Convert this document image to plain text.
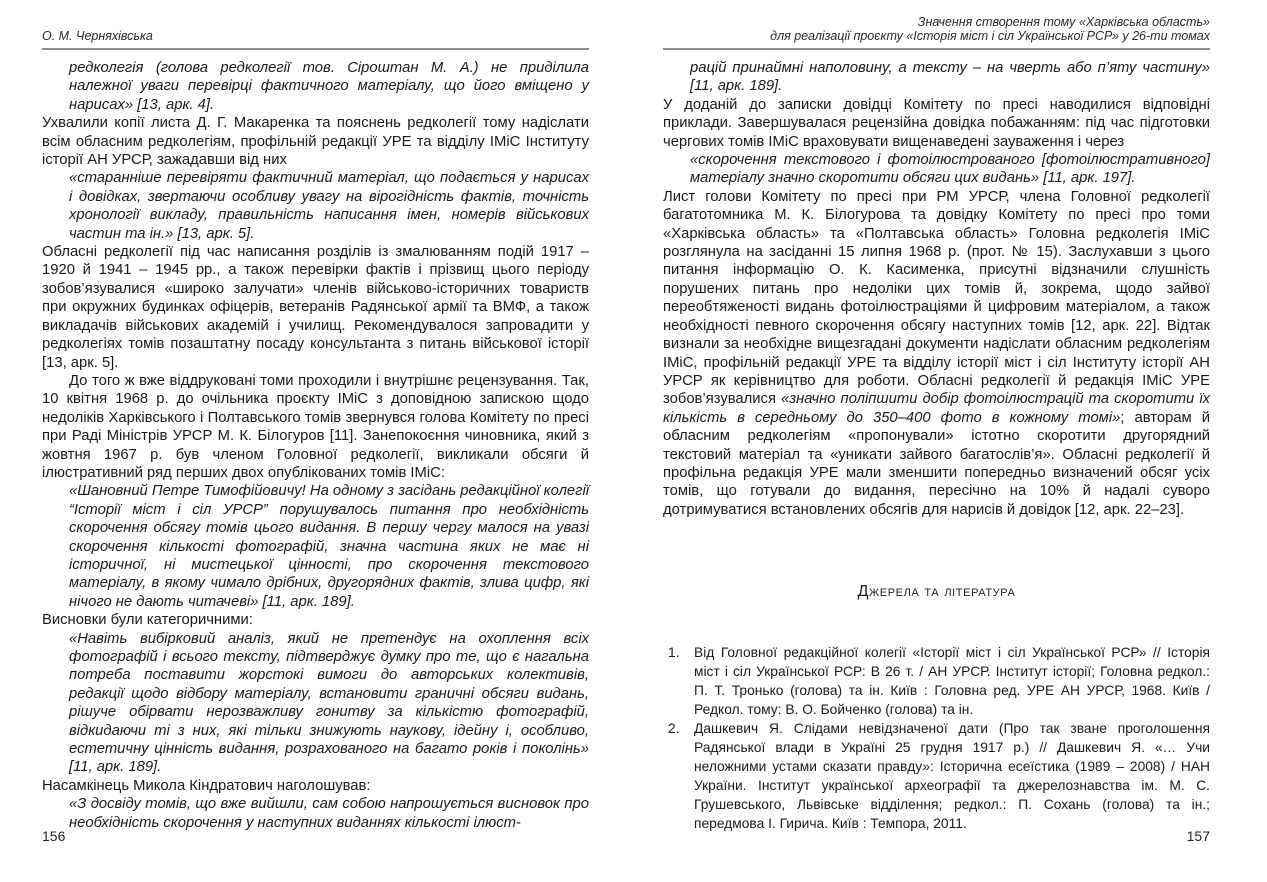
О. М. Черняхівська

редколегія (голова редколегії тов. Сіроштан М. А.) не приділила належної уваги перевірці фактичного матеріалу, що його вміщено у нарисах» [13, арк. 4].

Ухвалили копії листа Д. Г. Макаренка та пояснень редколегії тому надіслати всім обласним редколегіям, профільній редакції УРЕ та відділу ІМіС Інституту історії АН УРСР, зажадавши від них

«старанніше перевіряти фактичний матеріал, що подається у нарисах і довідках, звертаючи особливу увагу на вірогідність фактів, точність хронології викладу, правильність написання імен, номерів військових частин та ін.» [13, арк. 5].

Обласні редколегії під час написання розділів із змалюванням подій 1917 – 1920 й 1941 – 1945 рр., а також перевірки фактів і прізвищ цього періоду зобов’язувалися «широко залучати» членів військово-історичних товариств при окружних будинках офіцерів, ветеранів Радянської армії та ВМФ, а також викладачів військових академій і училищ. Рекомендувалося запровадити у редколегіях томів позаштатну посаду консультанта з питань військової історії [13, арк. 5].

До того ж вже віддруковані томи проходили і внутрішнє рецензування. Так, 10 квітня 1968 р. до очільника проєкту ІМіС з доповідною запискою щодо недоліків Харківського і Полтавського томів звернувся голова Комітету по пресі при Раді Міністрів УРСР М. К. Білогуров [11]. Занепокоєння чиновника, який з жовтня 1967 р. був членом Головної редколегії, викликали обсяги й ілюстративний ряд перших двох опублікованих томів ІМіС:

«Шановний Петре Тимофійовичу! На одному з засідань редакційної колегії “Історії міст і сіл УРСР” порушувалось питання про необхідність скорочення обсягу томів цього видання. В першу чергу малося на увазі скорочення кількості фотографій, значна частина яких не має ні історичної, ні мистецької цінності, про скорочення текстового матеріалу, в якому чимало дрібних, другорядних фактів, злива цифр, які нічого не дають читачеві» [11, арк. 189].

Висновки були категоричними:

«Навіть вибірковий аналіз, який не претендує на охоплення всіх фотографій і всього тексту, підтверджує думку про те, що є нагальна потреба поставити жорстокі вимоги до авторських колективів, редакції щодо відбору матеріалу, встановити граничні обсяги видань, рішуче обірвати нерозважливу гонитву за кількістю фотографій, відкидаючи ті з них, які тільки знижують наукову, ідейну і, особливо, естетичну цінність видання, розрахованого на багато років і поколінь» [11, арк. 189].

Насамкінець Микола Кіндратович наголошував:

«З досвіду томів, що вже вийшли, сам собою напрошується висновок про необхідність скорочення у наступних виданнях кількості ілюст-

156
Значення створення тому «Харківська область»
для реалізації проєкту «Історія міст і сіл Української РСР» у 26-ти томах

рацій принаймні наполовину, а тексту – на чверть або п’яту частину» [11, арк. 189].

У доданій до записки довідці Комітету по пресі наводилися відповідні приклади. Завершувалася рецензійна довідка побажанням: під час підготовки чергових томів ІМіС враховувати вищенаведені зауваження і через

«скорочення текстового і фотоілюстрованого [фотоілюстративного] матеріалу значно скоротити обсяги цих видань» [11, арк. 197].

Лист голови Комітету по пресі при РМ УРСР, члена Головної редколегії багатотомника М. К. Білогурова та довідку Комітету по пресі про томи «Харківська область» та «Полтавська область» Головна редколегія ІМіС розглянула на засіданні 15 липня 1968 р. (прот. № 15). Заслухавши з цього питання інформацію О. К. Касименка, присутні відзначили слушність порушених питань про недоліки цих томів й, зокрема, щодо зайвої переобтяженості видань фотоілюстраціями й цифровим матеріалом, а також необхідності певного скорочення обсягу наступних томів [12, арк. 22]. Відтак визнали за необхідне вищезгадані документи надіслати обласним редколегіям ІМіС, профільній редакції УРЕ та відділу історії міст і сіл Інституту історії АН УРСР як керівництво для роботи. Обласні редколегії й редакція ІМіС УРЕ зобов’язувалися «значно поліпшити добір фотоілюстрацій та скоротити їх кількість в середньому до 350–400 фото в кожному томі»; авторам й обласним редколегіям «пропонували» істотно скоротити другорядний текстовий матеріал та «уникати зайвого багатослів’я». Обласні редколегії й профільна редакція УРЕ мали зменшити попередньо визначений обсяг усіх томів, що готували до видання, пересічно на 10% й надалі суворо дотримуватися встановлених обсягів для нарисів й довідок [12, арк. 22–23].

Джерела та література
Від Головної редакційної колегії «Історії міст і сіл Української РСР» // Історія міст і сіл Української РСР: В 26 т. / АН УРСР. Інститут історії; Головна редкол.: П. Т. Тронько (голова) та ін. Київ : Головна ред. УРЕ АН УРСР, 1968. Київ / Редкол. тому: В. О. Бойченко (голова) та ін.
Дашкевич Я. Слідами невідзначеної дати (Про так зване проголошення Радянської влади в Україні 25 грудня 1917 р.) // Дашкевич Я. «… Учи неложними устами сказати правду»: Історична есеїстика (1989 – 2008) / НАН України. Інститут української археографії та джерелознавства ім. М. С. Грушевського, Львівське відділення; редкол.: П. Сохань (голова) та ін.; передмова І. Гирича. Київ : Темпора, 2011.
157
